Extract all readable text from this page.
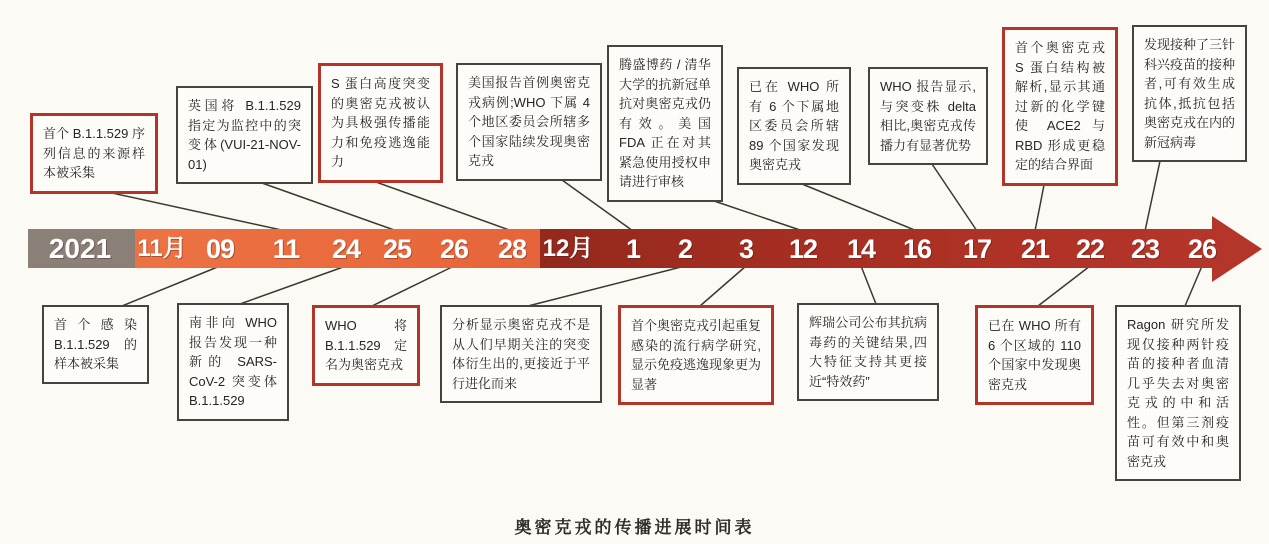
奥密克戎的传播进展时间表
2021 11月 09 11 24 25 26 28 12月 1 2 3 12 14 16 17 21 22 23 26
首个 B.1.1.529 序列信息的来源样本被采集
英国将 B.1.1.529 指定为监控中的突变体(VUI-21-NOV-01)
S 蛋白高度突变的奥密克戎被认为具极强传播能力和免疫逃逸能力
美国报告首例奥密克戎病例;WHO 下属 4 个地区委员会所辖多个国家陆续发现奥密克戎
腾盛博药 / 清华大学的抗新冠单抗对奥密克戎仍有效。美国 FDA 正在对其紧急使用授权申请进行审核
已在 WHO 所有 6 个下属地区委员会所辖 89 个国家发现奥密克戎
WHO 报告显示,与突变株 delta 相比,奥密克戎传播力有显著优势
首个奥密克戎 S 蛋白结构被解析,显示其通过新的化学键使 ACE2 与 RBD 形成更稳定的结合界面
发现接种了三针科兴疫苗的接种者,可有效生成抗体,抵抗包括奥密克戎在内的新冠病毒
首个感染 B.1.1.529 的样本被采集
南非向 WHO 报告发现一种新的 SARS-CoV-2 突变体 B.1.1.529
WHO 将 B.1.1.529 定名为奥密克戎
分析显示奥密克戎不是从人们早期关注的突变体衍生出的,更接近于平行进化而来
首个奥密克戎引起重复感染的流行病学研究,显示免疫逃逸现象更为显著
辉瑞公司公布其抗病毒药的关键结果,四大特征支持其更接近“特效药”
已在 WHO 所有 6 个区域的 110 个国家中发现奥密克戎
Ragon 研究所发现仅接种两针疫苗的接种者血清几乎失去对奥密克戎的中和活性。但第三剂疫苗可有效中和奥密克戎
